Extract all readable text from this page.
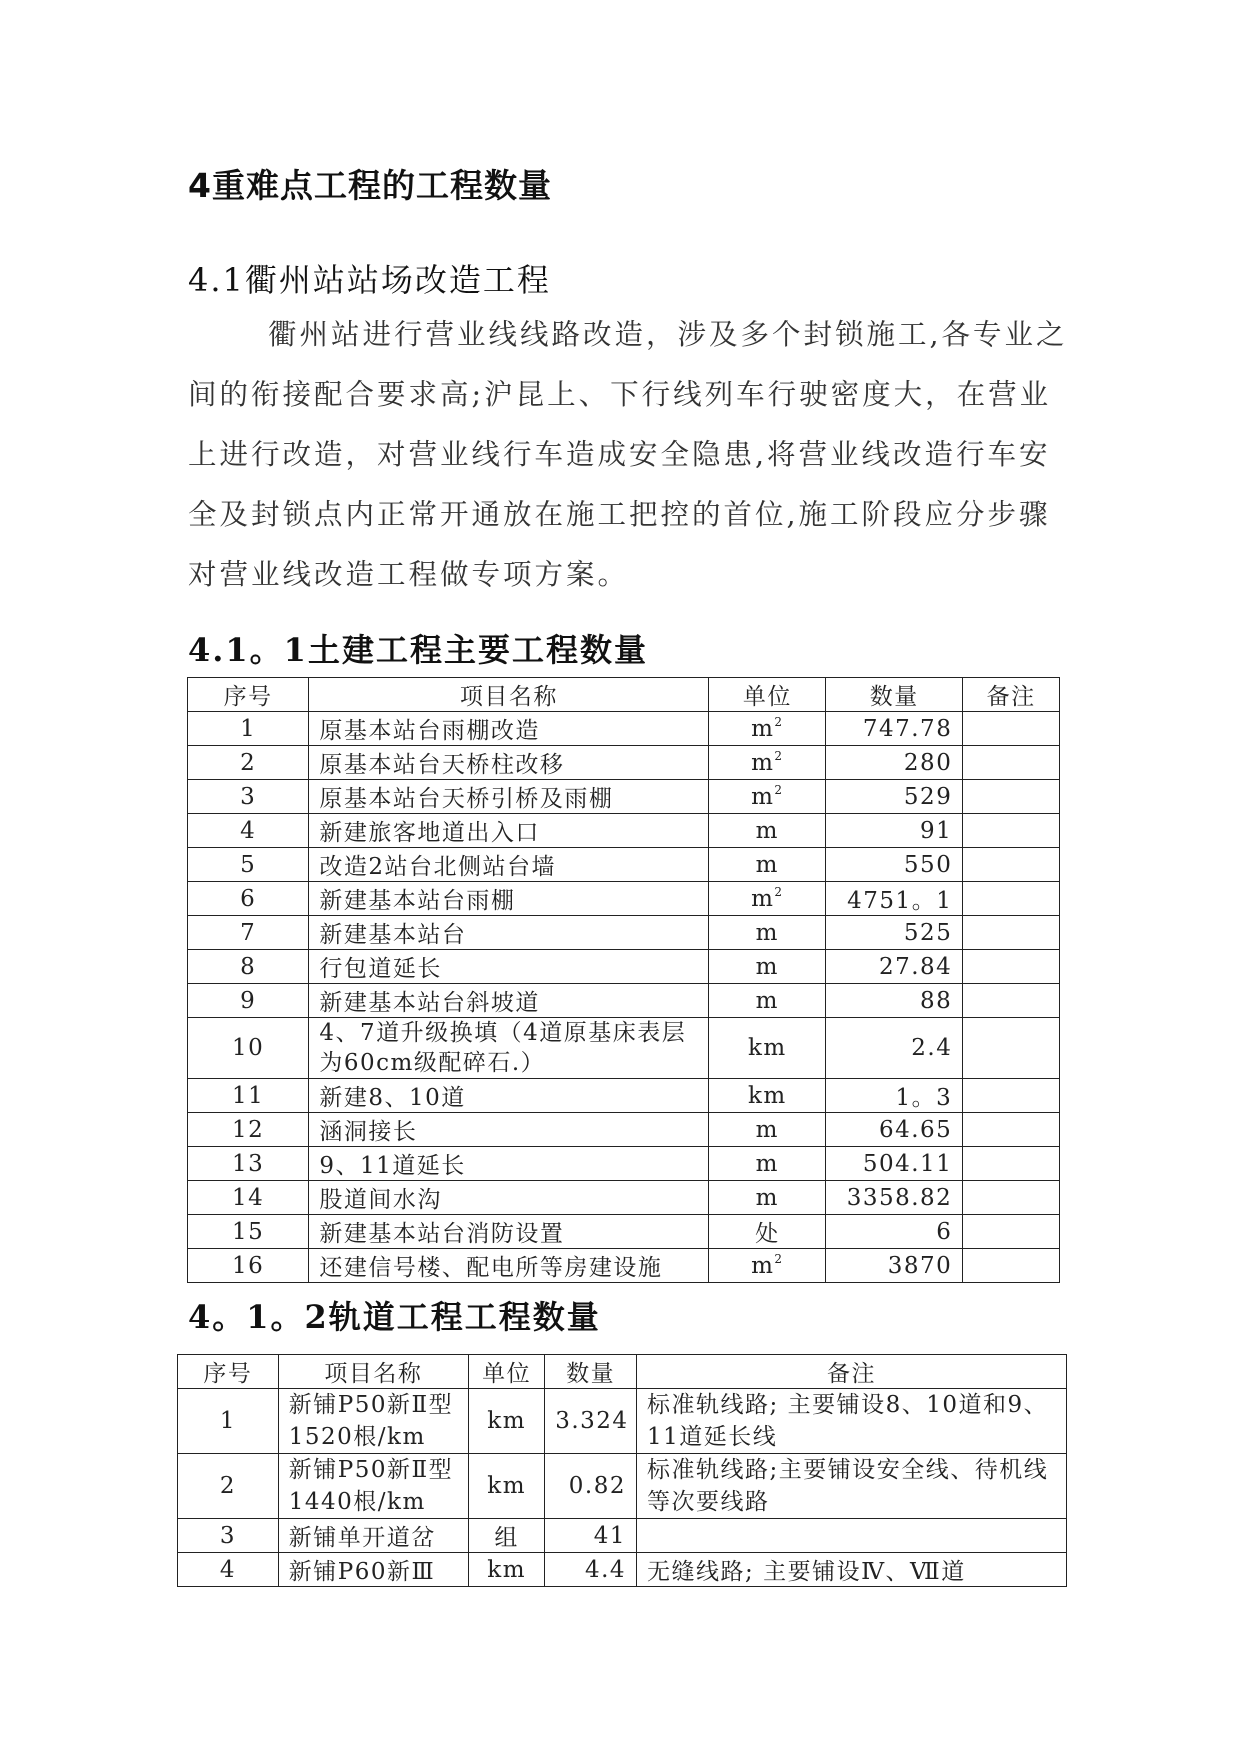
4重难点工程的工程数量
4.1衢州站站场改造工程

衢州站进行营业线线路改造，涉及多个封锁施工,各专业之间的衔接配合要求高;沪昆上、下行线列车行驶密度大，在营业上进行改造，对营业线行车造成安全隐患,将营业线改造行车安全及封锁点内正常开通放在施工把控的首位,施工阶段应分步骤对营业线改造工程做专项方案。

4.1。1土建工程主要工程数量
序号	项目名称	单位	数量	备注
1	原基本站台雨棚改造	$m^2$	747.78	
2	原基本站台天桥柱改移	$m^2$	280	
3	原基本站台天桥引桥及雨棚	$m^2$	529	
4	新建旅客地道出入口	m	91	
5	改造2站台北侧站台墙	m	550	
6	新建基本站台雨棚	$m^2$	4751。1	
7	新建基本站台	m	525	
8	行包道延长	m	27.84	
9	新建基本站台斜坡道	m	88	
10	4、7道升级换填（4道原基床表层为60cm级配碎石.）	km	2.4	
11	新建8、10道	km	1。3	
12	涵洞接长	m	64.65	
13	9、11道延长	m	504.11	
14	股道间水沟	m	3358.82	
15	新建基本站台消防设置	处	6	
16	还建信号楼、配电所等房建设施	$m^2$	3870	
4。1。2轨道工程工程数量
序号	项目名称	单位	数量	备注
1	新铺P50新Ⅱ型1520根/km	km	3.324	标准轨线路; 主要铺设8、10道和9、11道延长线
2	新铺P50新Ⅱ型1440根/km	km	0.82	标准轨线路;主要铺设安全线、待机线等次要线路
3	新铺单开道岔	组	41	
4	新铺P60新Ⅲ	km	4.4	无缝线路; 主要铺设Ⅳ、Ⅶ道
